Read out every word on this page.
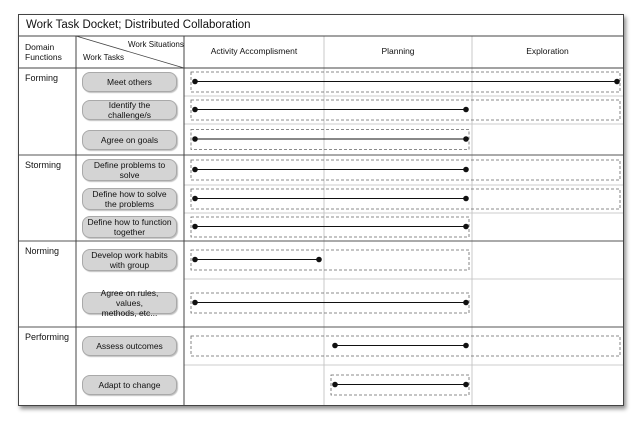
Work Task Docket; Distributed Collaboration
Domain
Functions
Work Situations
Work Tasks
Activity Accomplisment	Planning	Exploration
Forming
Storming
Norming
Performing
Meet others
Identify the challenge/s
Agree on goals
Define problems to
solve
Define how to solve
the problems
Define how to function
together
Develop work habits
with group
Agree on rules, values,
methods, etc...
Assess outcomes
Adapt to change
